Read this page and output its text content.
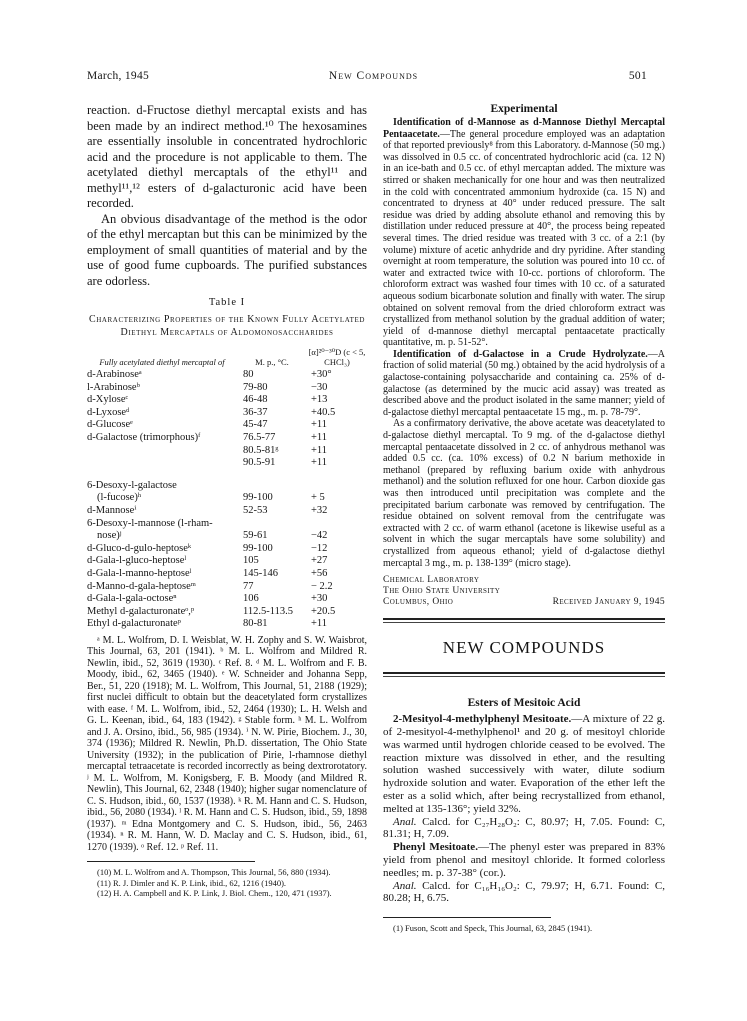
March, 1945	New Compounds	501

reaction. d-Fructose diethyl mercaptal exists and has been made by an indirect method.¹⁰ The hexosamines are essentially insoluble in concentrated hydrochloric acid and the procedure is not applicable to them. The acetylated diethyl mercaptals of the ethyl¹¹ and methyl¹¹,¹² esters of d-galacturonic acid have been recorded.

An obvious disadvantage of the method is the odor of the ethyl mercaptan but this can be minimized by the employment of small quantities of material and by the use of good fume cupboards. The purified substances are odorless.

Table I
Characterizing Properties of the Known Fully Acetylated Diethyl Mercaptals of Aldomonosaccharides
Fully acetylated diethyl mercaptal of	M. p., °C.	[α]²⁰⁻³⁰D (c < 5, CHCl₃)
d-Arabinoseᵃ	80	+30°
l-Arabinoseᵇ	79-80	−30
d-Xyloseᶜ	46-48	+13
d-Lyxoseᵈ	36-37	+40.5
d-Glucoseᵉ	45-47	+11
d-Galactose (trimorphous)ᶠ	76.5-77	+11
	80.5-81ᵍ	+11
	90.5-91	+11
6-Desoxy-l-galactose		
(l-fucose)ʰ	99-100	+ 5
d-Mannoseⁱ	52-53	+32
6-Desoxy-l-mannose (l-rham-		
nose)ʲ	59-61	−42
d-Gluco-d-gulo-heptoseᵏ	99-100	−12
d-Gala-l-gluco-heptoseˡ	105	+27
d-Gala-l-manno-heptoseˡ	145-146	+56
d-Manno-d-gala-heptoseᵐ	77	− 2.2
d-Gala-l-gala-octoseⁿ	106	+30
Methyl d-galacturonateᵒ,ᵖ	112.5-113.5	+20.5
Ethyl d-galacturonateᵖ	80-81	+11
ᵃ M. L. Wolfrom, D. I. Weisblat, W. H. Zophy and S. W. Waisbrot, This Journal, 63, 201 (1941). ᵇ M. L. Wolfrom and Mildred R. Newlin, ibid., 52, 3619 (1930). ᶜ Ref. 8. ᵈ M. L. Wolfrom and F. B. Moody, ibid., 62, 3465 (1940). ᵉ W. Schneider and Johanna Sepp, Ber., 51, 220 (1918); M. L. Wolfrom, This Journal, 51, 2188 (1929); first nuclei difficult to obtain but the deacetylated form crystallizes with ease. ᶠ M. L. Wolfrom, ibid., 52, 2464 (1930); L. H. Welsh and G. L. Keenan, ibid., 64, 183 (1942). ᵍ Stable form. ʰ M. L. Wolfrom and J. A. Orsino, ibid., 56, 985 (1934). ⁱ N. W. Pirie, Biochem. J., 30, 374 (1936); Mildred R. Newlin, Ph.D. dissertation, The Ohio State University (1932); in the publication of Pirie, l-rhamnose diethyl mercaptal tetraacetate is recorded incorrectly as being dextrorotatory. ʲ M. L. Wolfrom, M. Konigsberg, F. B. Moody (and Mildred R. Newlin), This Journal, 62, 2348 (1940); higher sugar nomenclature of C. S. Hudson, ibid., 60, 1537 (1938). ᵏ R. M. Hann and C. S. Hudson, ibid., 56, 2080 (1934). ˡ R. M. Hann and C. S. Hudson, ibid., 59, 1898 (1937). ᵐ Edna Montgomery and C. S. Hudson, ibid., 56, 2463 (1934). ⁿ R. M. Hann, W. D. Maclay and C. S. Hudson, ibid., 61, 1270 (1939). ᵒ Ref. 12. ᵖ Ref. 11.
(10) M. L. Wolfrom and A. Thompson, This Journal, 56, 880 (1934).
(11) R. J. Dimler and K. P. Link, ibid., 62, 1216 (1940).
(12) H. A. Campbell and K. P. Link, J. Biol. Chem., 120, 471 (1937).
Experimental

Identification of d-Mannose as d-Mannose Diethyl Mercaptal Pentaacetate.—The general procedure employed was an adaptation of that reported previously⁸ from this Laboratory. d-Mannose (50 mg.) was dissolved in 0.5 cc. of concentrated hydrochloric acid (ca. 12 N) in an ice-bath and 0.5 cc. of ethyl mercaptan added. The mixture was stirred or shaken mechanically for one hour and was then neutralized in the cold with concentrated ammonium hydroxide (ca. 15 N) and concentrated to dryness at 40° under reduced pressure. The salt residue was dried by adding absolute ethanol and removing this by distillation under reduced pressure at 40°, the process being repeated several times. The dried residue was treated with 3 cc. of a 2:1 (by volume) mixture of acetic anhydride and dry pyridine. After standing overnight at room temperature, the solution was poured into 10 cc. of water and extracted twice with 10-cc. portions of chloroform. The chloroform extract was washed four times with 10 cc. of a saturated aqueous sodium bicarbonate solution and finally with water. The sirup obtained on solvent removal from the dried chloroform extract was crystallized from methanol solution by the gradual addition of water; yield of d-mannose diethyl mercaptal pentaacetate practically quantitative, m. p. 51-52°.

Identification of d-Galactose in a Crude Hydrolyzate.—A fraction of solid material (50 mg.) obtained by the acid hydrolysis of a galactose-containing polysaccharide and containing ca. 25% of d-galactose (as determined by the mucic acid assay) was treated as described above and the product isolated in the same manner; yield of d-galactose diethyl mercaptal pentaacetate 15 mg., m. p. 78-79°.

As a confirmatory derivative, the above acetate was deacetylated to d-galactose diethyl mercaptal. To 9 mg. of the d-galactose diethyl mercaptal pentaacetate dissolved in 2 cc. of anhydrous methanol was added 0.5 cc. (ca. 10% excess) of 0.2 N barium methoxide in methanol (prepared by refluxing barium oxide with anhydrous methanol) and the solution refluxed for one hour. Carbon dioxide gas was then introduced until precipitation was complete and the precipitated barium carbonate was removed by centrifugation. The residue obtained on solvent removal from the centrifugate was extracted with 2 cc. of warm ethanol (acetone is likewise useful as a solvent in which the sugar mercaptals have some solubility) and crystallized from aqueous ethanol; yield of d-galactose diethyl mercaptal 3 mg., m. p. 138-139° (micro stage).

Chemical Laboratory
The Ohio State University
Columbus, Ohio	Received January 9, 1945
NEW COMPOUNDS
Esters of Mesitoic Acid

2-Mesityol-4-methylphenyl Mesitoate.—A mixture of 22 g. of 2-mesityol-4-methylphenol¹ and 20 g. of mesitoyl chloride was warmed until hydrogen chloride ceased to be evolved. The reaction mixture was dissolved in ether, and the resulting solution washed successively with water, dilute sodium hydroxide solution and water. Evaporation of the ether left the ester as a solid which, after being recrystallized from ethanol, melted at 135-136°; yield 32%.

Anal. Calcd. for C₂₇H₂₈O₂: C, 80.97; H, 7.05. Found: C, 81.31; H, 7.09.

Phenyl Mesitoate.—The phenyl ester was prepared in 83% yield from phenol and mesitoyl chloride. It formed colorless needles; m. p. 37-38° (cor.).

Anal. Calcd. for C₁₆H₁₆O₂: C, 79.97; H, 6.71. Found: C, 80.28; H, 6.75.

(1) Fuson, Scott and Speck, This Journal, 63, 2845 (1941).
